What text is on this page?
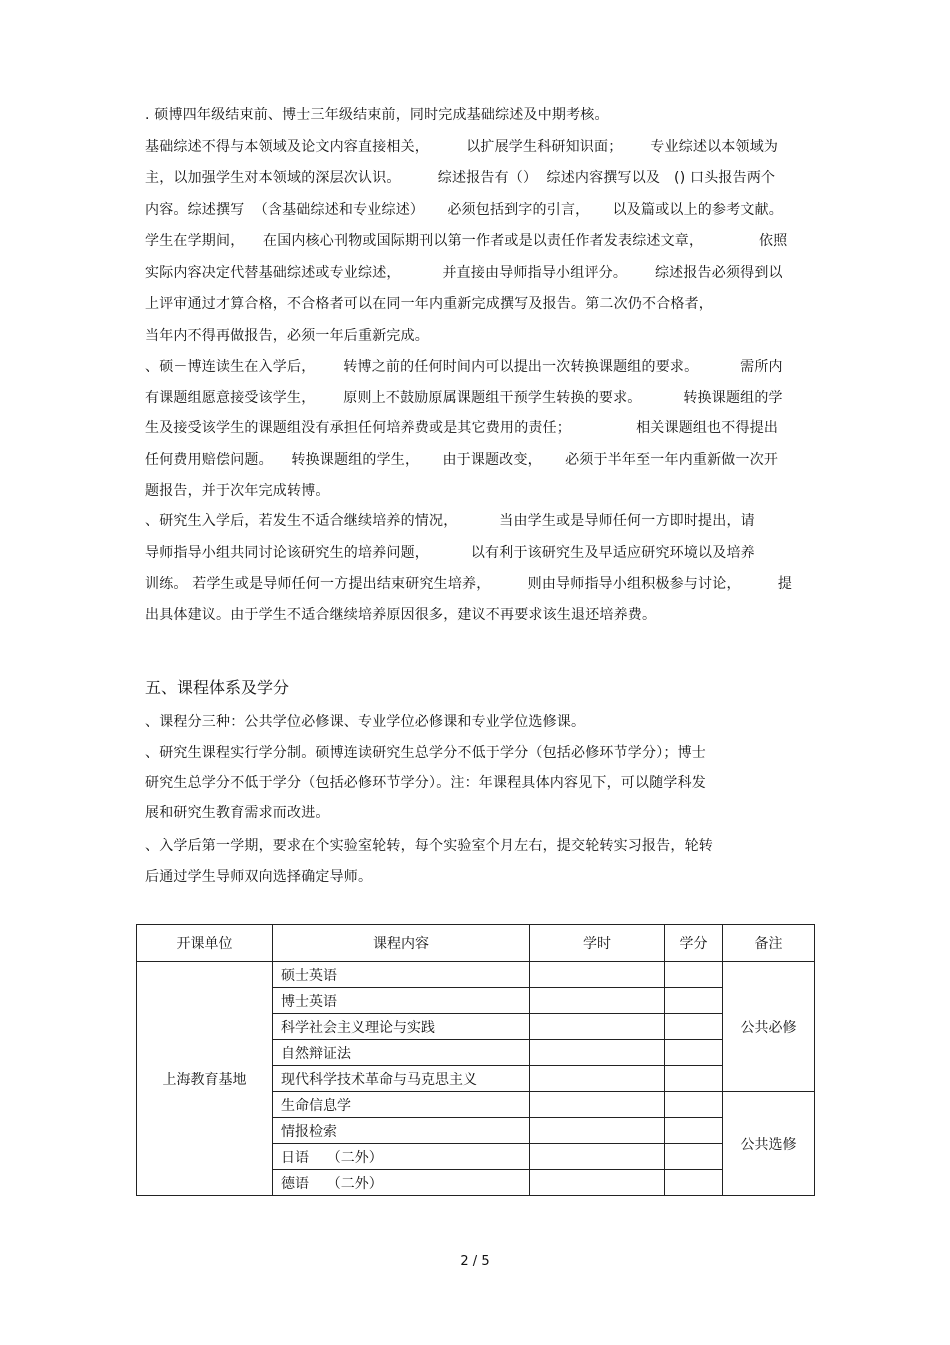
. 硕博四年级结束前、博士三年级结束前，同时完成基础综述及中期考核。
基础综述不得与本领域及论文内容直接相关，        以扩展学生科研知识面；      专业综述以本领域为
主，以加强学生对本领域的深层次认识。        综述报告有（）  综述内容撰写以及   () 口头报告两个
内容。综述撰写  （含基础综述和专业综述）     必须包括到字的引言，     以及篇或以上的参考文献。
学生在学期间，    在国内核心刊物或国际期刊以第一作者或是以责任作者发表综述文章，            依照
实际内容决定代替基础综述或专业综述，         并直接由导师指导小组评分。      综述报告必须得到以
上评审通过才算合格，不合格者可以在同一年内重新完成撰写及报告。第二次仍不合格者，
当年内不得再做报告，必须一年后重新完成。
、硕－博连读生在入学后，      转博之前的任何时间内可以提出一次转换课题组的要求。         需所内
有课题组愿意接受该学生，      原则上不鼓励原属课题组干预学生转换的要求。         转换课题组的学
生及接受该学生的课题组没有承担任何培养费或是其它费用的责任；              相关课题组也不得提出
任何费用赔偿问题。    转换课题组的学生，     由于课题改变，     必须于半年至一年内重新做一次开
题报告，并于次年完成转博。
、研究生入学后，若发生不适合继续培养的情况，         当由学生或是导师任何一方即时提出，请
导师指导小组共同讨论该研究生的培养问题，         以有利于该研究生及早适应研究环境以及培养
训练。 若学生或是导师任何一方提出结束研究生培养，        则由导师指导小组积极参与讨论，        提
出具体建议。由于学生不适合继续培养原因很多，建议不再要求该生退还培养费。
五、课程体系及学分
、课程分三种：公共学位必修课、专业学位必修课和专业学位选修课。
、研究生课程实行学分制。硕博连读研究生总学分不低于学分（包括必修环节学分）；博士
研究生总学分不低于学分（包括必修环节学分）。注：年课程具体内容见下，可以随学科发
展和研究生教育需求而改进。
、入学后第一学期，要求在个实验室轮转，每个实验室个月左右，提交轮转实习报告，轮转
后通过学生导师双向选择确定导师。
开课单位	课程内容	学时	学分	备注
上海教育基地	硕士英语			公共必修
	博士英语			
	科学社会主义理论与实践			
	自然辩证法			
	现代科学技术革命与马克思主义			
	生命信息学			公共选修
	情报检索			
	日语    （二外）			
	德语    （二外）			
2 / 5
